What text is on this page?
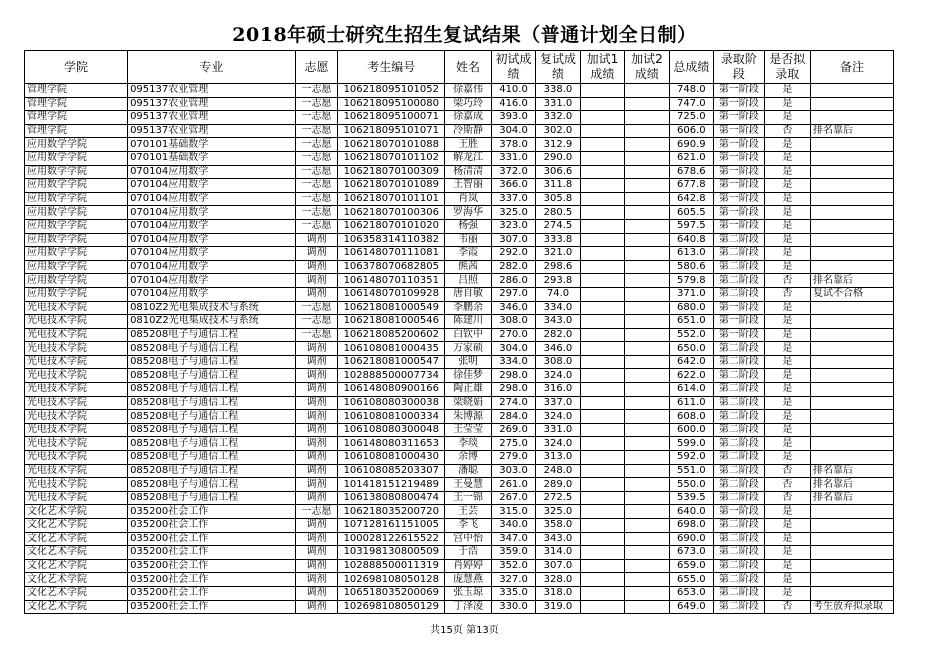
2018年硕士研究生招生复试结果（普通计划全日制）
学院	专业	志愿	考生编号	姓名	初试成绩	复试成绩	加试1成绩	加试2成绩	总成绩	录取阶段	是否拟录取	备注
管理学院	095137农业管理	一志愿	106218095101052	徐嘉伟	410.0	338.0			748.0	第一阶段	是	
管理学院	095137农业管理	一志愿	106218095100080	梁巧玲	416.0	331.0			747.0	第一阶段	是	
管理学院	095137农业管理	一志愿	106218095100071	徐嘉成	393.0	332.0			725.0	第一阶段	是	
管理学院	095137农业管理	一志愿	106218095101071	冷斯静	304.0	302.0			606.0	第一阶段	否	排名靠后
应用数学学院	070101基础数学	一志愿	106218070101088	王胜	378.0	312.9			690.9	第一阶段	是	
应用数学学院	070101基础数学	一志愿	106218070101102	解龙江	331.0	290.0			621.0	第一阶段	是	
应用数学学院	070104应用数学	一志愿	106218070100309	杨清清	372.0	306.6			678.6	第一阶段	是	
应用数学学院	070104应用数学	一志愿	106218070101089	王智丽	366.0	311.8			677.8	第一阶段	是	
应用数学学院	070104应用数学	一志愿	106218070101101	肖岚	337.0	305.8			642.8	第一阶段	是	
应用数学学院	070104应用数学	一志愿	106218070100306	罗海华	325.0	280.5			605.5	第一阶段	是	
应用数学学院	070104应用数学	一志愿	106218070101020	杨强	323.0	274.5			597.5	第一阶段	是	
应用数学学院	070104应用数学	调剂	106358314110382	韦丽	307.0	333.8			640.8	第二阶段	是	
应用数学学院	070104应用数学	调剂	106148070111081	李霞	292.0	321.0			613.0	第二阶段	是	
应用数学学院	070104应用数学	调剂	106378070682805	熊茜	282.0	298.6			580.6	第二阶段	是	
应用数学学院	070104应用数学	调剂	106148070110351	吕照	286.0	293.8			579.8	第二阶段	否	排名靠后
应用数学学院	070104应用数学	调剂	106148070109928	唐自敏	297.0	74.0			371.0	第二阶段	否	复试不合格
光电技术学院	0810Z2光电集成技术与系统	一志愿	106218081000549	李鹏余	346.0	334.0			680.0	第一阶段	是	
光电技术学院	0810Z2光电集成技术与系统	一志愿	106218081000546	陈建川	308.0	343.0			651.0	第一阶段	是	
光电技术学院	085208电子与通信工程	一志愿	106218085200602	白钦中	270.0	282.0			552.0	第一阶段	是	
光电技术学院	085208电子与通信工程	调剂	106108081000435	万家硕	304.0	346.0			650.0	第二阶段	是	
光电技术学院	085208电子与通信工程	调剂	106218081000547	张明	334.0	308.0			642.0	第二阶段	是	
光电技术学院	085208电子与通信工程	调剂	102888500007734	徐佳梦	298.0	324.0			622.0	第二阶段	是	
光电技术学院	085208电子与通信工程	调剂	106148080900166	陶正雄	298.0	316.0			614.0	第二阶段	是	
光电技术学院	085208电子与通信工程	调剂	106108080300038	梁晓娟	274.0	337.0			611.0	第二阶段	是	
光电技术学院	085208电子与通信工程	调剂	106108081000334	朱博源	284.0	324.0			608.0	第二阶段	是	
光电技术学院	085208电子与通信工程	调剂	106108080300048	王莹莹	269.0	331.0			600.0	第二阶段	是	
光电技术学院	085208电子与通信工程	调剂	106148080311653	李琰	275.0	324.0			599.0	第二阶段	是	
光电技术学院	085208电子与通信工程	调剂	106108081000430	余博	279.0	313.0			592.0	第二阶段	是	
光电技术学院	085208电子与通信工程	调剂	106108085203307	潘聪	303.0	248.0			551.0	第二阶段	否	排名靠后
光电技术学院	085208电子与通信工程	调剂	101418151219489	王曼慧	261.0	289.0			550.0	第二阶段	否	排名靠后
光电技术学院	085208电子与通信工程	调剂	106138080800474	王一锦	267.0	272.5			539.5	第二阶段	否	排名靠后
文化艺术学院	035200社会工作	一志愿	106218035200720	王芸	315.0	325.0			640.0	第一阶段	是	
文化艺术学院	035200社会工作	调剂	107128161151005	李飞	340.0	358.0			698.0	第二阶段	是	
文化艺术学院	035200社会工作	调剂	100028122615522	宫中怡	347.0	343.0			690.0	第二阶段	是	
文化艺术学院	035200社会工作	调剂	103198130800509	于浩	359.0	314.0			673.0	第二阶段	是	
文化艺术学院	035200社会工作	调剂	102888500011319	肖婷婷	352.0	307.0			659.0	第二阶段	是	
文化艺术学院	035200社会工作	调剂	102698108050128	庞慧燕	327.0	328.0			655.0	第二阶段	是	
文化艺术学院	035200社会工作	调剂	106518035200069	张玉琼	335.0	318.0			653.0	第二阶段	是	
文化艺术学院	035200社会工作	调剂	102698108050129	丁泽凌	330.0	319.0			649.0	第二阶段	否	考生放弃拟录取
共15页 第13页
